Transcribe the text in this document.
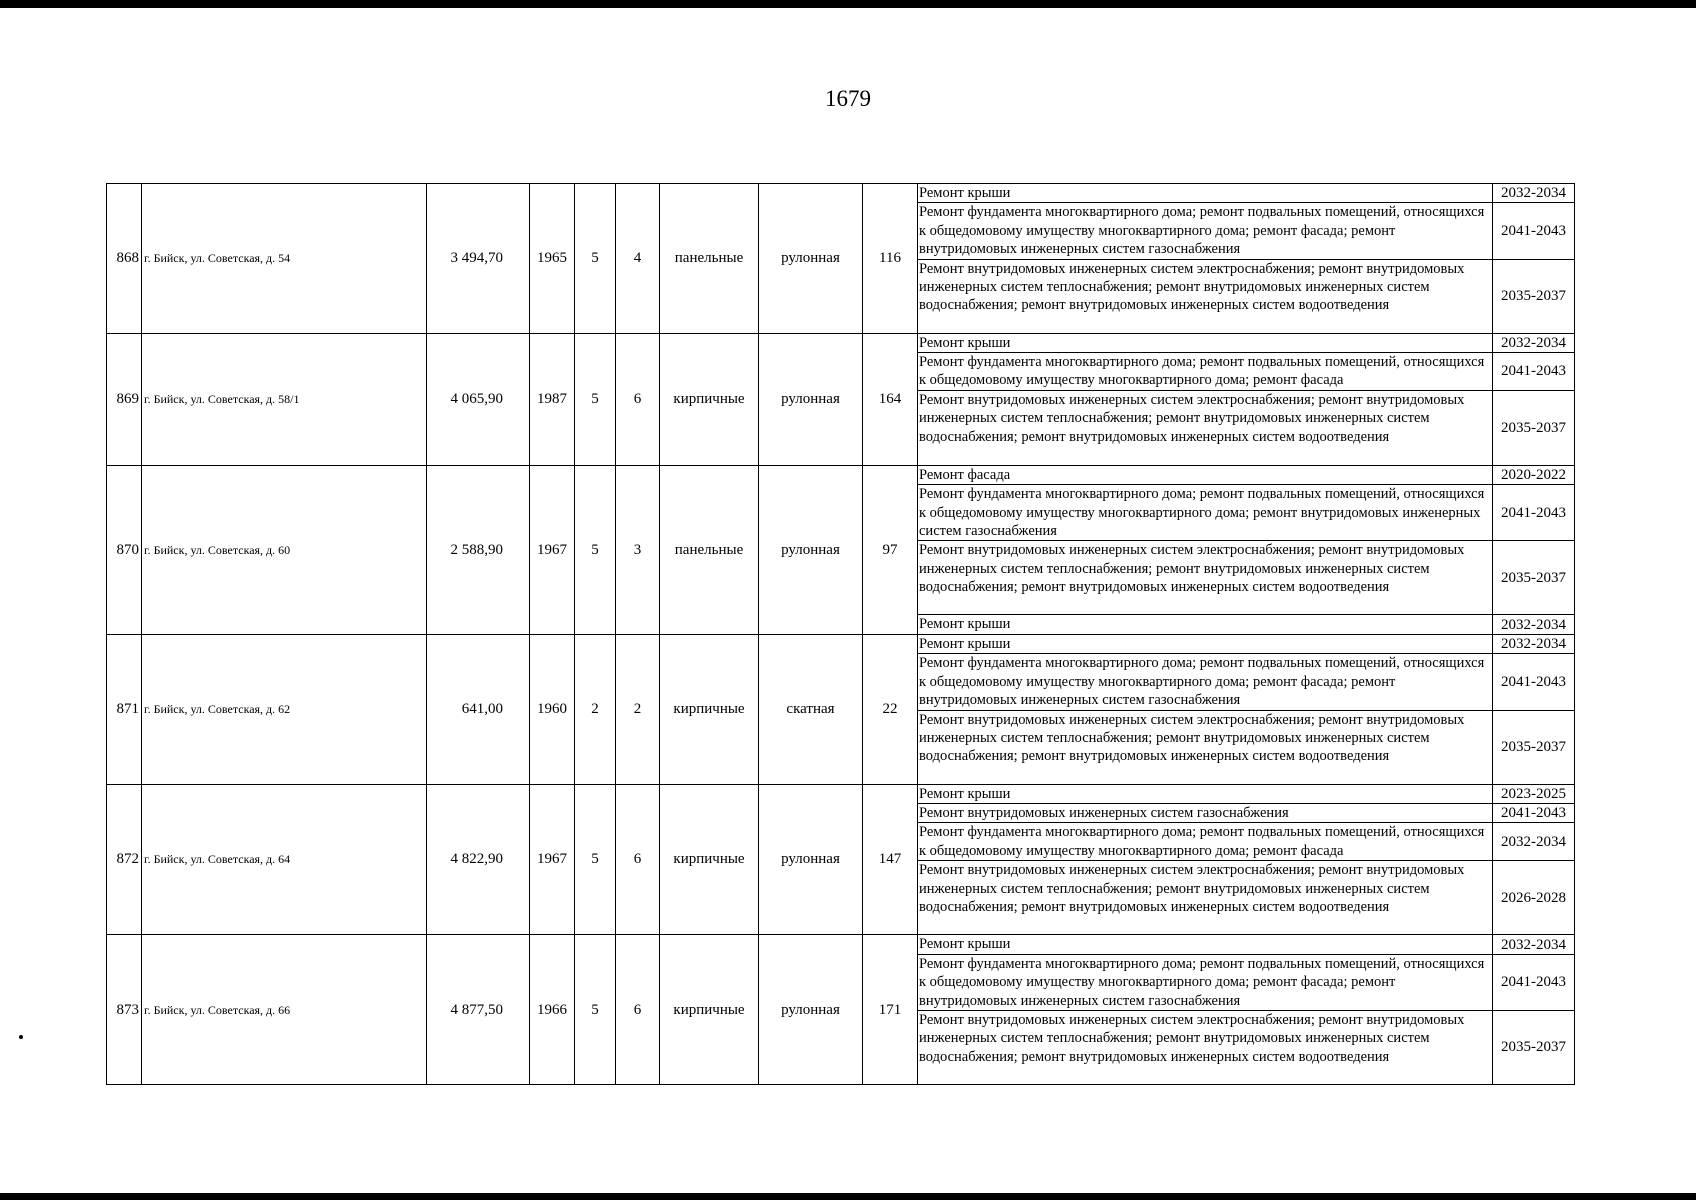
1679
868	г. Бийск, ул. Советская, д. 54	3 494,70	1965	5	4	панельные	рулонная	116	Ремонт крыши	2032-2034
									Ремонт фундамента многоквартирного дома; ремонт подвальных помещений, относящихся к общедомовому имуществу многоквартирного дома; ремонт фасада; ремонт внутридомовых инженерных систем газоснабжения	2041-2043
									Ремонт внутридомовых инженерных систем электроснабжения; ремонт внутридомовых инженерных систем теплоснабжения; ремонт внутридомовых инженерных систем водоснабжения; ремонт внутридомовых инженерных систем водоотведения	2035-2037
869	г. Бийск, ул. Советская, д. 58/1	4 065,90	1987	5	6	кирпичные	рулонная	164	Ремонт крыши	2032-2034
									Ремонт фундамента многоквартирного дома; ремонт подвальных помещений, относящихся к общедомовому имуществу многоквартирного дома; ремонт фасада	2041-2043
									Ремонт внутридомовых инженерных систем электроснабжения; ремонт внутридомовых инженерных систем теплоснабжения; ремонт внутридомовых инженерных систем водоснабжения; ремонт внутридомовых инженерных систем водоотведения	2035-2037
870	г. Бийск, ул. Советская, д. 60	2 588,90	1967	5	3	панельные	рулонная	97	Ремонт фасада	2020-2022
									Ремонт фундамента многоквартирного дома; ремонт подвальных помещений, относящихся к общедомовому имуществу многоквартирного дома; ремонт внутридомовых инженерных систем газоснабжения	2041-2043
									Ремонт внутридомовых инженерных систем электроснабжения; ремонт внутридомовых инженерных систем теплоснабжения; ремонт внутридомовых инженерных систем водоснабжения; ремонт внутридомовых инженерных систем водоотведения	2035-2037
									Ремонт крыши	2032-2034
871	г. Бийск, ул. Советская, д. 62	641,00	1960	2	2	кирпичные	скатная	22	Ремонт крыши	2032-2034
									Ремонт фундамента многоквартирного дома; ремонт подвальных помещений, относящихся к общедомовому имуществу многоквартирного дома; ремонт фасада; ремонт внутридомовых инженерных систем газоснабжения	2041-2043
									Ремонт внутридомовых инженерных систем электроснабжения; ремонт внутридомовых инженерных систем теплоснабжения; ремонт внутридомовых инженерных систем водоснабжения; ремонт внутридомовых инженерных систем водоотведения	2035-2037
872	г. Бийск, ул. Советская, д. 64	4 822,90	1967	5	6	кирпичные	рулонная	147	Ремонт крыши	2023-2025
									Ремонт внутридомовых инженерных систем газоснабжения	2041-2043
									Ремонт фундамента многоквартирного дома; ремонт подвальных помещений, относящихся к общедомовому имуществу многоквартирного дома; ремонт фасада	2032-2034
									Ремонт внутридомовых инженерных систем электроснабжения; ремонт внутридомовых инженерных систем теплоснабжения; ремонт внутридомовых инженерных систем водоснабжения; ремонт внутридомовых инженерных систем водоотведения	2026-2028
873	г. Бийск, ул. Советская, д. 66	4 877,50	1966	5	6	кирпичные	рулонная	171	Ремонт крыши	2032-2034
									Ремонт фундамента многоквартирного дома; ремонт подвальных помещений, относящихся к общедомовому имуществу многоквартирного дома; ремонт фасада; ремонт внутридомовых инженерных систем газоснабжения	2041-2043
									Ремонт внутридомовых инженерных систем электроснабжения; ремонт внутридомовых инженерных систем теплоснабжения; ремонт внутридомовых инженерных систем водоснабжения; ремонт внутридомовых инженерных систем водоотведения	2035-2037
